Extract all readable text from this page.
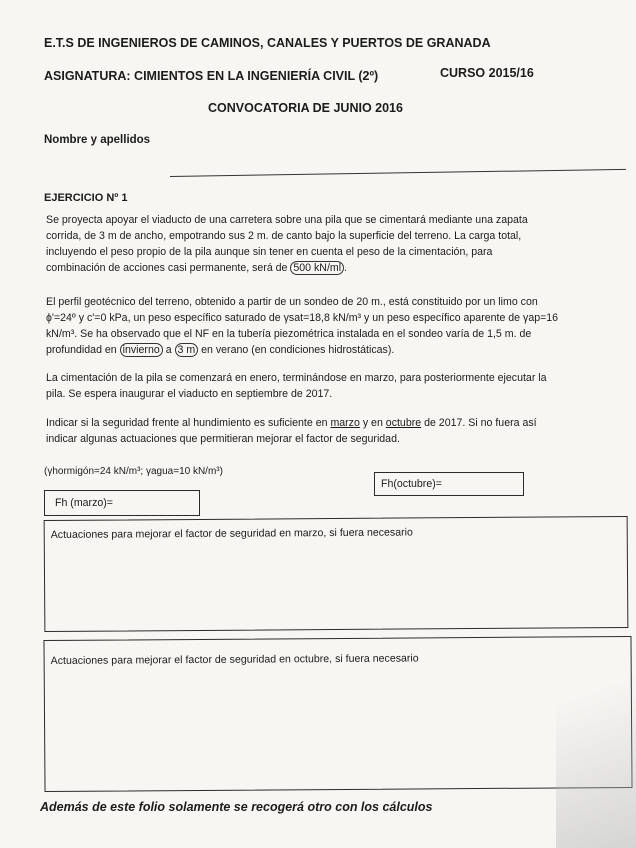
E.T.S DE INGENIEROS DE CAMINOS, CANALES Y PUERTOS DE GRANADA
ASIGNATURA: CIMIENTOS EN LA INGENIERÍA CIVIL (2º)	CURSO 2015/16
CONVOCATORIA DE JUNIO 2016
Nombre y apellidos
EJERCICIO Nº 1
Se proyecta apoyar el viaducto de una carretera sobre una pila que se cimentará mediante una zapata
corrida, de 3 m de ancho, empotrando sus 2 m. de canto bajo la superficie del terreno. La carga total,
incluyendo el peso propio de la pila aunque sin tener en cuenta el peso de la cimentación, para
combinación de acciones casi permanente, será de 500 kN/ml .
El perfil geotécnico del terreno, obtenido a partir de un sondeo de 20 m., está constituido por un limo con
ϕ'=24º y c'=0 kPa, un peso específico saturado de γsat=18,8 kN/m³ y un peso específico aparente de γap=16
kN/m³. Se ha observado que el NF en la tubería piezométrica instalada en el sondeo varía de 1,5 m. de
profundidad en invierno a 3 m en verano (en condiciones hidrostáticas).
La cimentación de la pila se comenzará en enero, terminándose en marzo, para posteriormente ejecutar la
pila. Se espera inaugurar el viaducto en septiembre de 2017.
Indicar si la seguridad frente al hundimiento es suficiente en marzo y en octubre de 2017. Si no fuera así
indicar algunas actuaciones que permitieran mejorar el factor de seguridad.
(γhormigón=24 kN/m³; γagua=10 kN/m³)
Fh(octubre)=
Fh (marzo)=
Actuaciones para mejorar el factor de seguridad en marzo, si fuera necesario
Actuaciones para mejorar el factor de seguridad en octubre, si fuera necesario
Además de este folio solamente se recogerá otro con los cálculos
